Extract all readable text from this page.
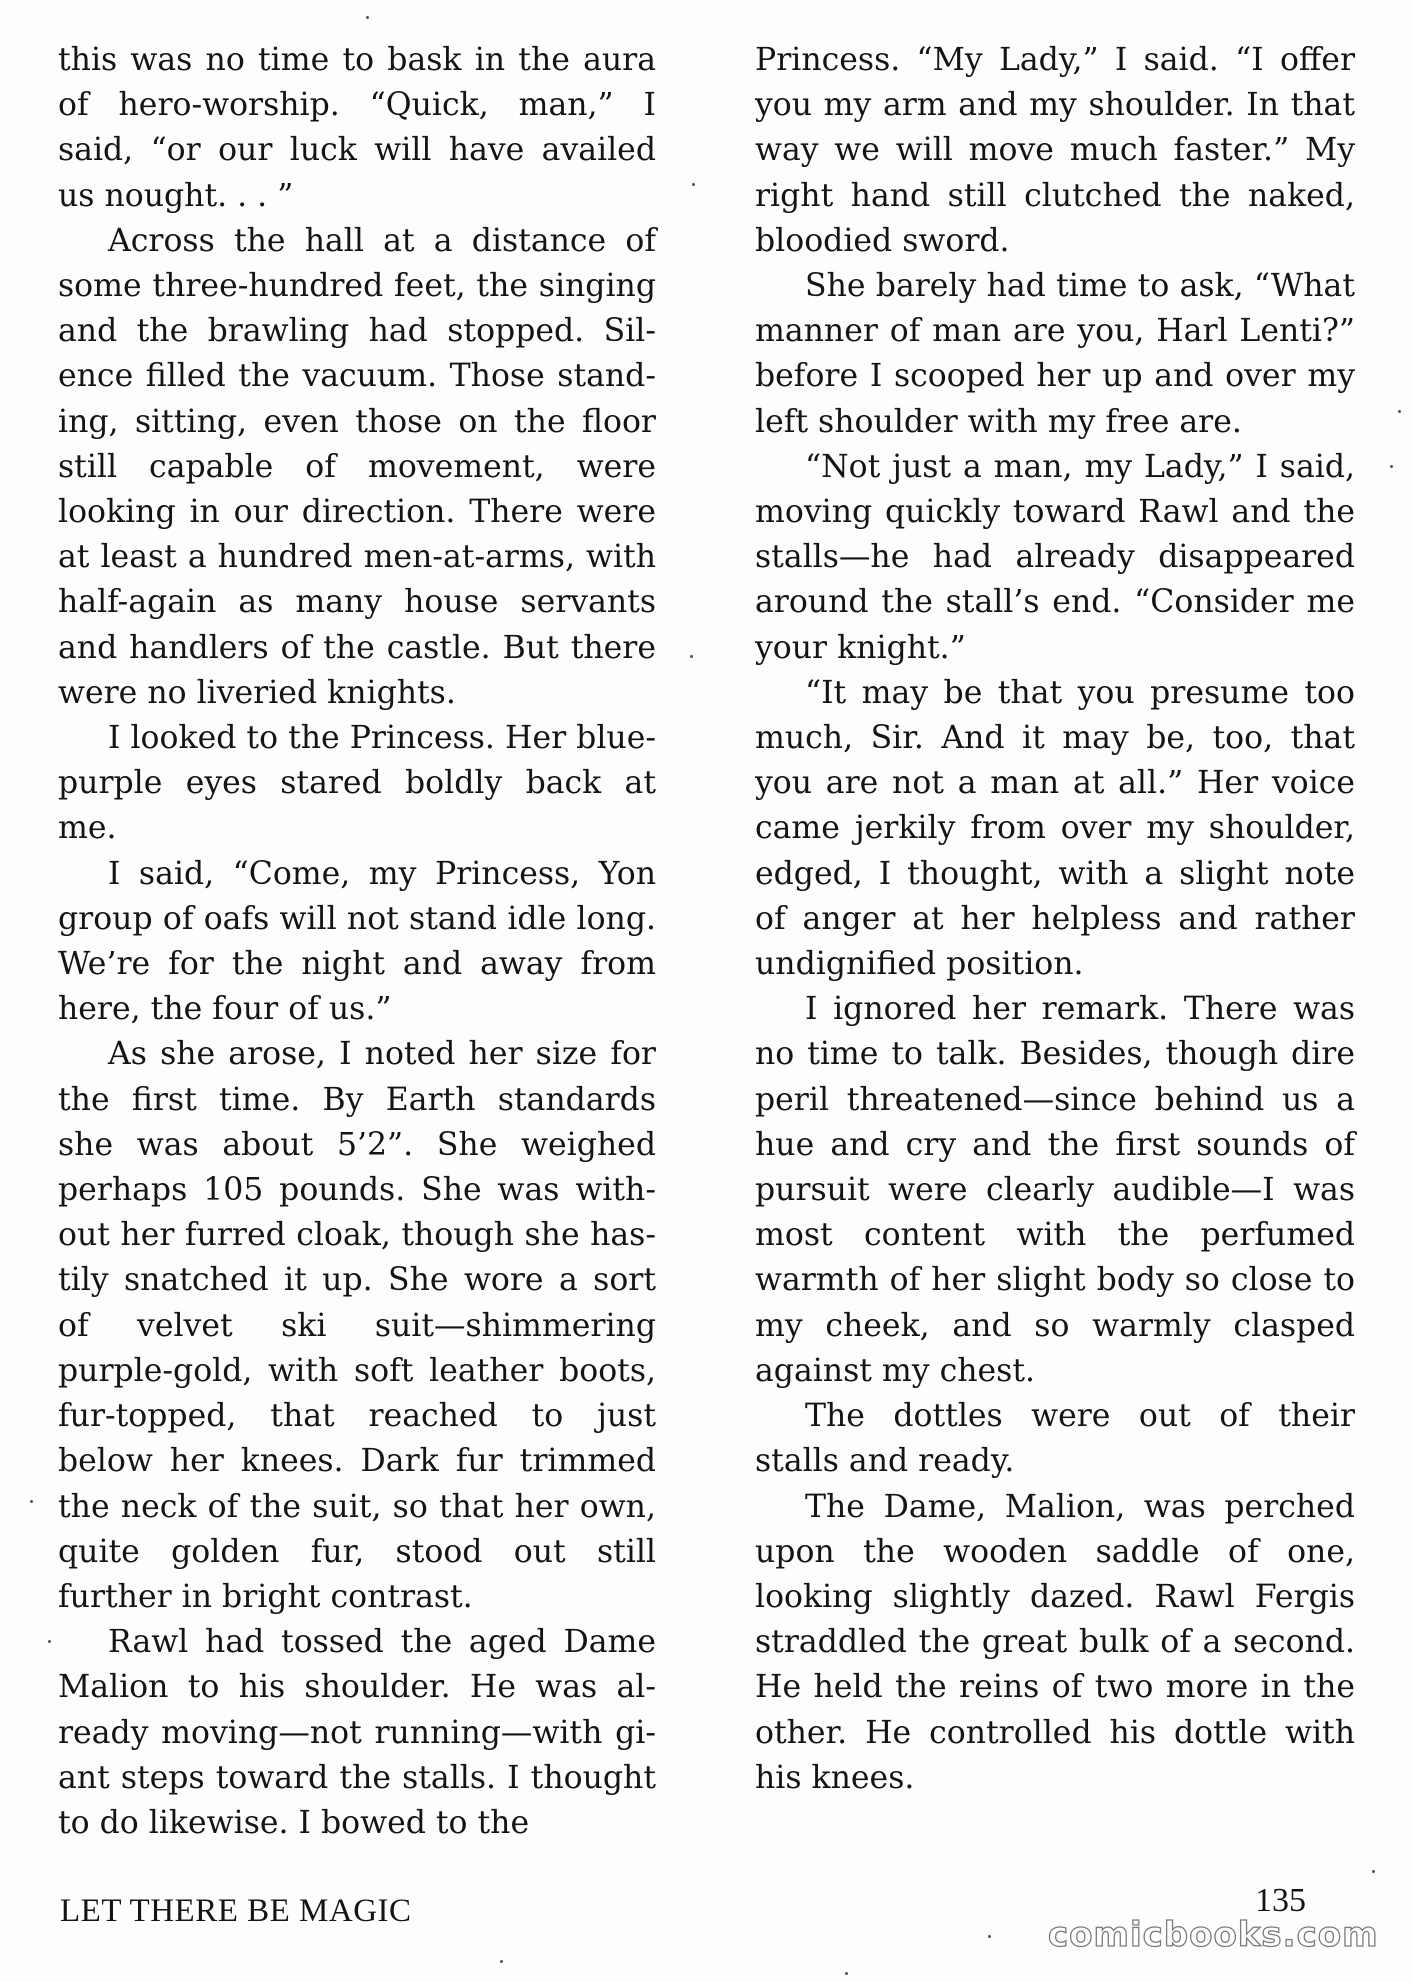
this was no time to bask in the aura of hero-worship. “Quick, man,” I said, “or our luck will have availed us nought. . . ”

Across the hall at a distance of some three-hundred feet, the singing and the brawling had stopped. Silence filled the vacuum. Those standing, sitting, even those on the floor still capable of movement, were looking in our direction. There were at least a hundred men-at-arms, with half-again as many house servants and handlers of the castle. But there were no liveried knights.

I looked to the Princess. Her blue-purple eyes stared boldly back at me.

I said, “Come, my Princess, Yon group of oafs will not stand idle long. We’re for the night and away from here, the four of us.”

As she arose, I noted her size for the first time. By Earth standards she was about 5’2”. She weighed perhaps 105 pounds. She was without her furred cloak, though she hastily snatched it up. She wore a sort of velvet ski suit—shimmering purple-gold, with soft leather boots, fur-topped, that reached to just below her knees. Dark fur trimmed the neck of the suit, so that her own, quite golden fur, stood out still further in bright contrast.

Rawl had tossed the aged Dame Malion to his shoulder. He was already moving—not running—with giant steps toward the stalls. I thought to do likewise. I bowed to the

Princess. “My Lady,” I said. “I offer you my arm and my shoulder. In that way we will move much faster.” My right hand still clutched the naked, bloodied sword.

She barely had time to ask, “What manner of man are you, Harl Lenti?” before I scooped her up and over my left shoulder with my free are.

“Not just a man, my Lady,” I said, moving quickly toward Rawl and the stalls—he had already disappeared around the stall’s end. “Consider me your knight.”

“It may be that you presume too much, Sir. And it may be, too, that you are not a man at all.” Her voice came jerkily from over my shoulder, edged, I thought, with a slight note of anger at her helpless and rather undignified position.

I ignored her remark. There was no time to talk. Besides, though dire peril threatened—since behind us a hue and cry and the first sounds of pursuit were clearly audible—I was most content with the perfumed warmth of her slight body so close to my cheek, and so warmly clasped against my chest.

The dottles were out of their stalls and ready.

The Dame, Malion, was perched upon the wooden saddle of one, looking slightly dazed. Rawl Fergis straddled the great bulk of a second. He held the reins of two more in the other. He controlled his dottle with his knees.

LET THERE BE MAGIC	135
comicbooks.com
